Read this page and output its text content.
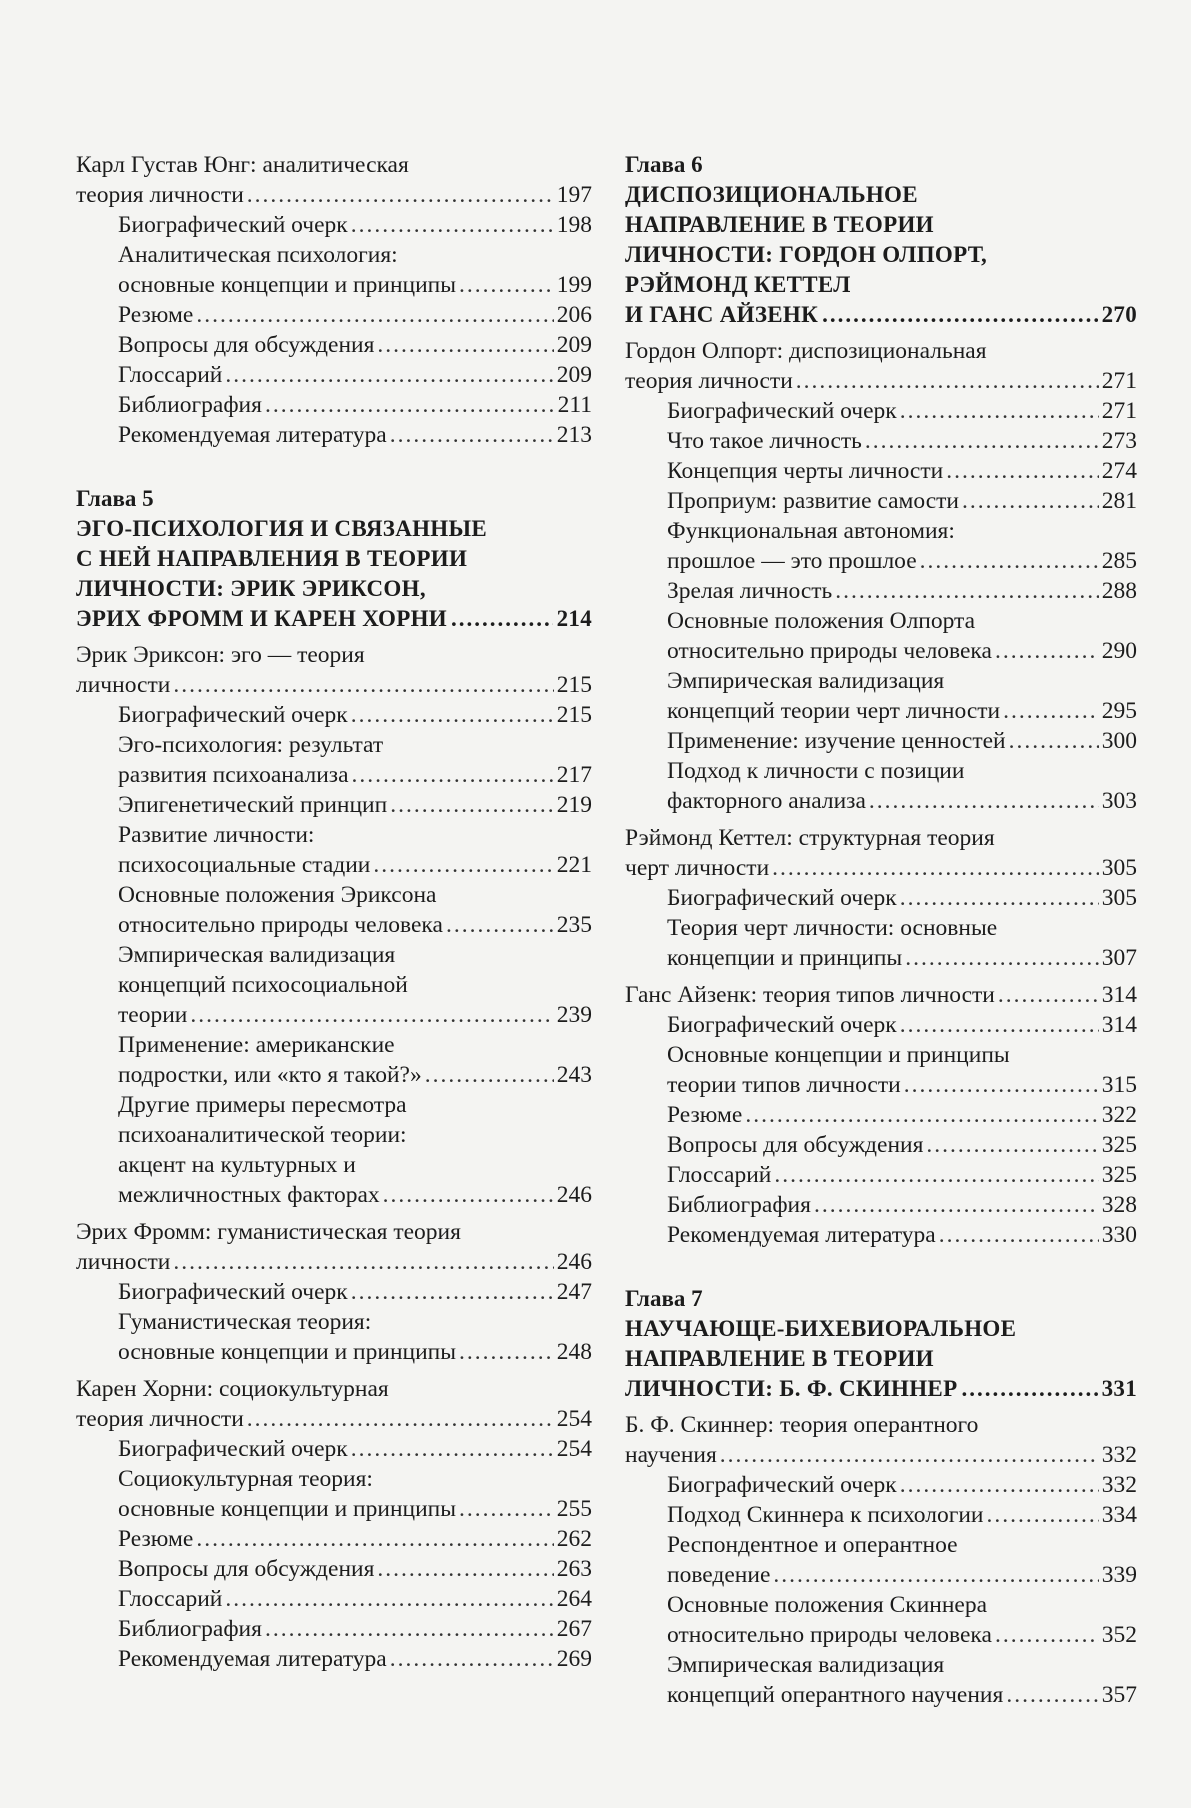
Карл Густав Юнг: аналитическая
теория личности .....	197
Биографический очерк .....	198
Аналитическая психология:
основные концепции и принципы .....	199
Резюме .....	206
Вопросы для обсуждения .....	209
Глоссарий .....	209
Библиография .....	211
Рекомендуемая литература .....	213
Глава 5
ЭГО-ПСИХОЛОГИЯ И СВЯЗАННЫЕ
С НЕЙ НАПРАВЛЕНИЯ В ТЕОРИИ
ЛИЧНОСТИ: ЭРИК ЭРИКСОН,
ЭРИХ ФРОММ И КАРЕН ХОРНИ .....	214
Эрик Эриксон: эго — теория
личности .....	215
Биографический очерк .....	215
Эго-психология: результат
развития психоанализа .....	217
Эпигенетический принцип .....	219
Развитие личности:
психосоциальные стадии .....	221
Основные положения Эриксона
относительно природы человека .....	235
Эмпирическая валидизация
концепций психосоциальной
теории .....	239
Применение: американские
подростки, или «кто я такой?» .....	243
Другие примеры пересмотра
психоаналитической теории:
акцент на культурных и
межличностных факторах .....	246
Эрих Фромм: гуманистическая теория
личности .....	246
Биографический очерк .....	247
Гуманистическая теория:
основные концепции и принципы .....	248
Карен Хорни: социокультурная
теория личности .....	254
Биографический очерк .....	254
Социокультурная теория:
основные концепции и принципы .....	255
Резюме .....	262
Вопросы для обсуждения .....	263
Глоссарий .....	264
Библиография .....	267
Рекомендуемая литература .....	269
Глава 6
ДИСПОЗИЦИОНАЛЬНОЕ
НАПРАВЛЕНИЕ В ТЕОРИИ
ЛИЧНОСТИ: ГОРДОН ОЛПОРТ,
РЭЙМОНД КЕТТЕЛ
И ГАНС АЙЗЕНК .....	270
Гордон Олпорт: диспозициональная
теория личности .....	271
Биографический очерк .....	271
Что такое личность .....	273
Концепция черты личности .....	274
Проприум: развитие самости .....	281
Функциональная автономия:
прошлое — это прошлое .....	285
Зрелая личность .....	288
Основные положения Олпорта
относительно природы человека .....	290
Эмпирическая валидизация
концепций теории черт личности .....	295
Применение: изучение ценностей .....	300
Подход к личности с позиции
факторного анализа .....	303
Рэймонд Кеттел: структурная теория
черт личности .....	305
Биографический очерк .....	305
Теория черт личности: основные
концепции и принципы .....	307
Ганс Айзенк: теория типов личности .....	314
Биографический очерк .....	314
Основные концепции и принципы
теории типов личности .....	315
Резюме .....	322
Вопросы для обсуждения .....	325
Глоссарий .....	325
Библиография .....	328
Рекомендуемая литература .....	330
Глава 7
НАУЧАЮЩЕ-БИХЕВИОРАЛЬНОЕ
НАПРАВЛЕНИЕ В ТЕОРИИ
ЛИЧНОСТИ: Б. Ф. СКИННЕР .....	331
Б. Ф. Скиннер: теория оперантного
научения .....	332
Биографический очерк .....	332
Подход Скиннера к психологии .....	334
Респондентное и оперантное
поведение .....	339
Основные положения Скиннера
относительно природы человека .....	352
Эмпирическая валидизация
концепций оперантного научения .....	357
